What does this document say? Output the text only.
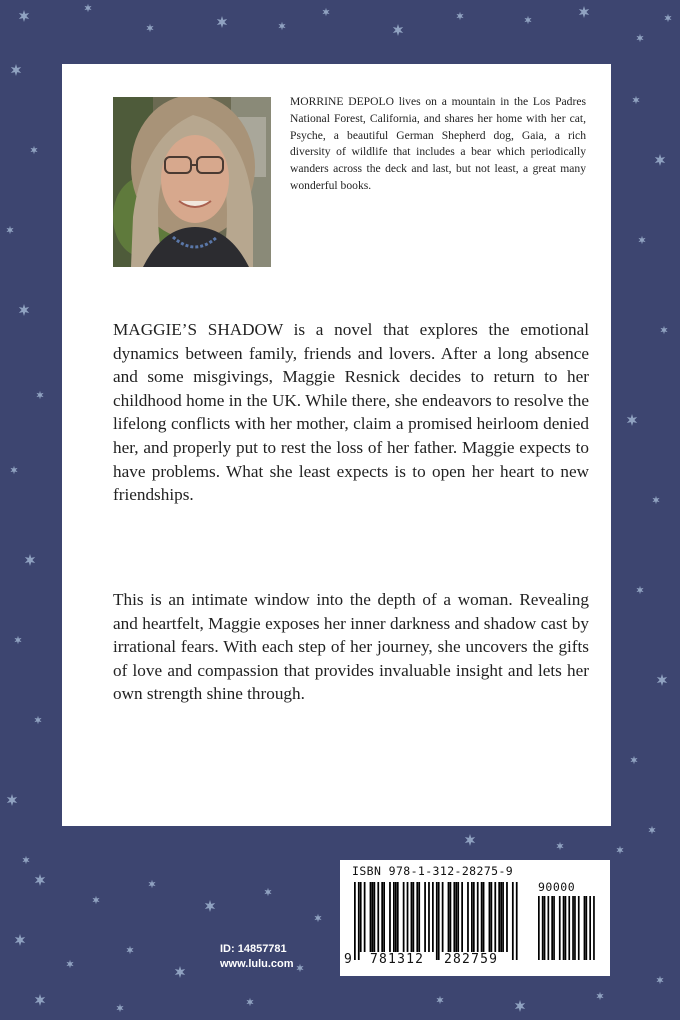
MORRINE DEPOLO lives on a mountain in the Los Padres National Forest, California, and shares her home with her cat, Psyche, a beautiful German Shepherd dog, Gaia, a rich diversity of wildlife that includes a bear which periodically wanders across the deck and last, but not least, a great many wonderful books.

MAGGIE’S SHADOW is a novel that explores the emotional dynamics between family, friends and lovers. After a long absence and some misgivings, Maggie Resnick decides to return to her childhood home in the UK. While there, she endeavors to resolve the lifelong conflicts with her mother, claim a promised heirloom denied her, and properly put to rest the loss of her father. Maggie expects to have problems. What she least expects is to open her heart to new friendships.

This is an intimate window into the depth of a woman. Revealing and heartfelt, Maggie exposes her inner darkness and shadow cast by irrational fears. With each step of her journey, she uncovers the gifts of love and compassion that provides invaluable insight and lets her own strength shine through.

ID: 14857781
www.lulu.com
ISBN 978-1-312-28275-9
90000
9 781312 282759
